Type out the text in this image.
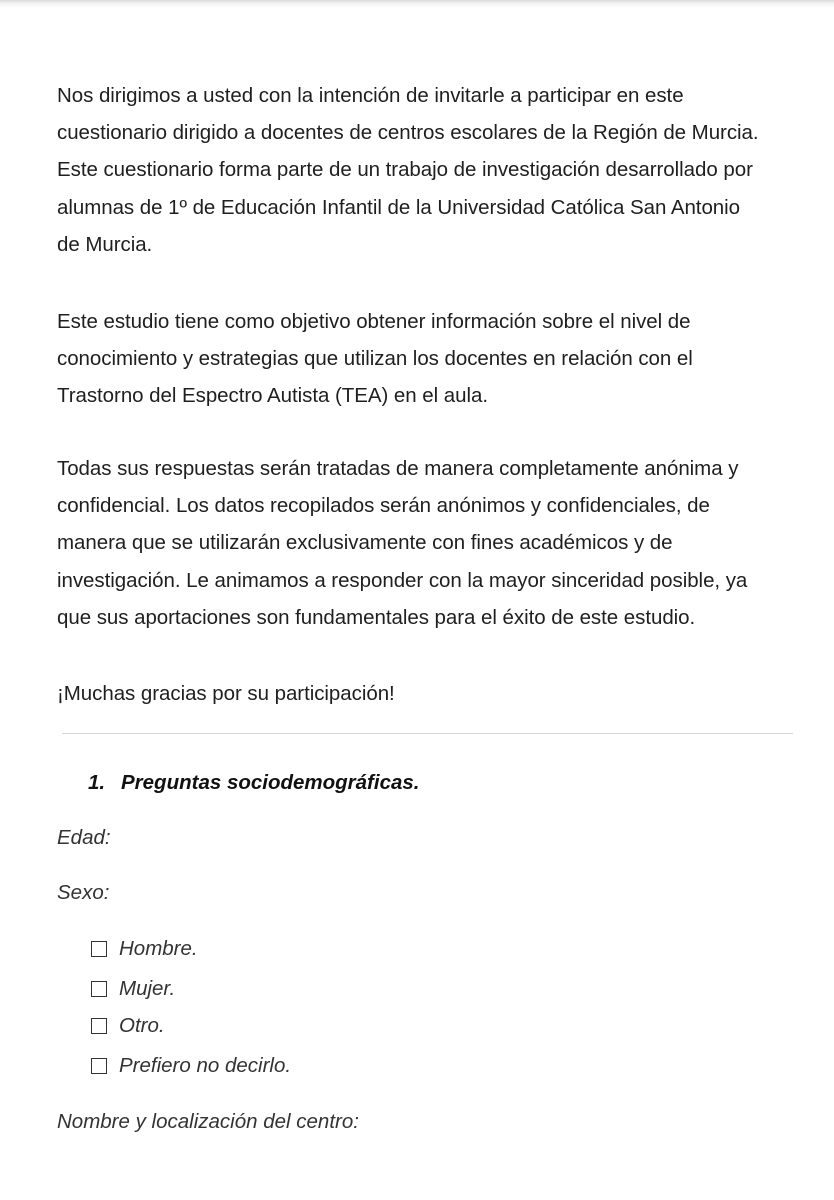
Nos dirigimos a usted con la intención de invitarle a participar en este
cuestionario dirigido a docentes de centros escolares de la Región de Murcia.
Este cuestionario forma parte de un trabajo de investigación desarrollado por
alumnas de 1º de Educación Infantil de la Universidad Católica San Antonio
de Murcia.

Este estudio tiene como objetivo obtener información sobre el nivel de
conocimiento y estrategias que utilizan los docentes en relación con el
Trastorno del Espectro Autista (TEA) en el aula.

Todas sus respuestas serán tratadas de manera completamente anónima y
confidencial. Los datos recopilados serán anónimos y confidenciales, de
manera que se utilizarán exclusivamente con fines académicos y de
investigación. Le animamos a responder con la mayor sinceridad posible, ya
que sus aportaciones son fundamentales para el éxito de este estudio.

¡Muchas gracias por su participación!

1. Preguntas sociodemográficas.
Edad:
Sexo:
Hombre.
Mujer.
Otro.
Prefiero no decirlo.
Nombre y localización del centro:
